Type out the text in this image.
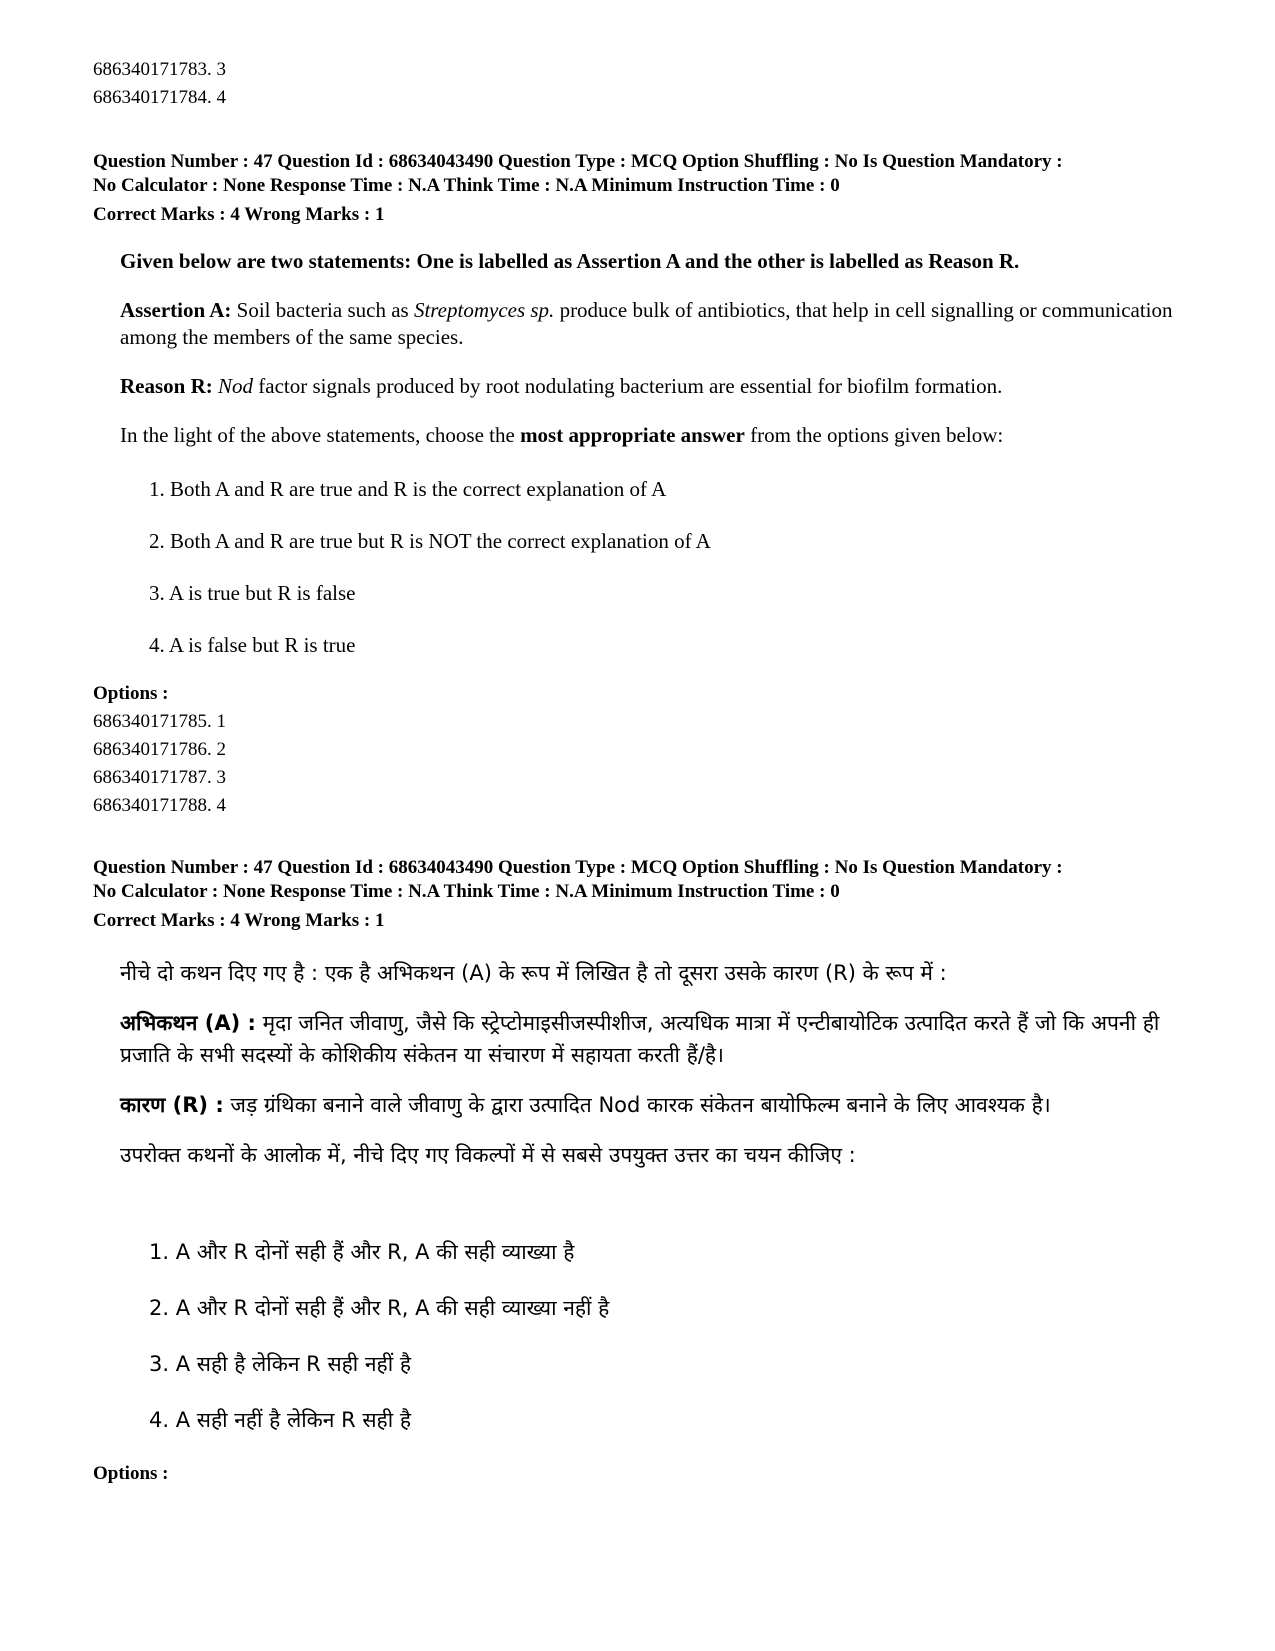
686340171783. 3
686340171784. 4
Question Number : 47 Question Id : 68634043490 Question Type : MCQ Option Shuffling : No Is Question Mandatory :
No Calculator : None Response Time : N.A Think Time : N.A Minimum Instruction Time : 0
Correct Marks : 4 Wrong Marks : 1
Given below are two statements: One is labelled as Assertion A and the other is labelled as Reason R.
Assertion A: Soil bacteria such as Streptomyces sp. produce bulk of antibiotics, that help in cell signalling or communication among the members of the same species.
Reason R: Nod factor signals produced by root nodulating bacterium are essential for biofilm formation.
In the light of the above statements, choose the most appropriate answer from the options given below:
1. Both A and R are true and R is the correct explanation of A
2. Both A and R are true but R is NOT the correct explanation of A
3. A is true but R is false
4. A is false but R is true
Options :
686340171785. 1
686340171786. 2
686340171787. 3
686340171788. 4
Question Number : 47 Question Id : 68634043490 Question Type : MCQ Option Shuffling : No Is Question Mandatory :
No Calculator : None Response Time : N.A Think Time : N.A Minimum Instruction Time : 0
Correct Marks : 4 Wrong Marks : 1
नीचे दो कथन दिए गए है : एक है अभिकथन (A) के रूप में लिखित है तो दूसरा उसके कारण (R) के रूप में :
अभिकथन (A) : मृदा जनित जीवाणु, जैसे कि स्ट्रेप्टोमाइसीजस्पीशीज, अत्यधिक मात्रा में एन्टीबायोटिक उत्पादित करते हैं जो कि अपनी ही प्रजाति के सभी सदस्यों के कोशिकीय संकेतन या संचारण में सहायता करती हैं/है।
कारण (R) : जड़ ग्रंथिका बनाने वाले जीवाणु के द्वारा उत्पादित Nod कारक संकेतन बायोफिल्म बनाने के लिए आवश्यक है।
उपरोक्त कथनों के आलोक में, नीचे दिए गए विकल्पों में से सबसे उपयुक्त उत्तर का चयन कीजिए :
1. A और R दोनों सही हैं और R, A की सही व्याख्या है
2. A और R दोनों सही हैं और R, A की सही व्याख्या नहीं है
3. A सही है लेकिन R सही नहीं है
4. A सही नहीं है लेकिन R सही है
Options :
